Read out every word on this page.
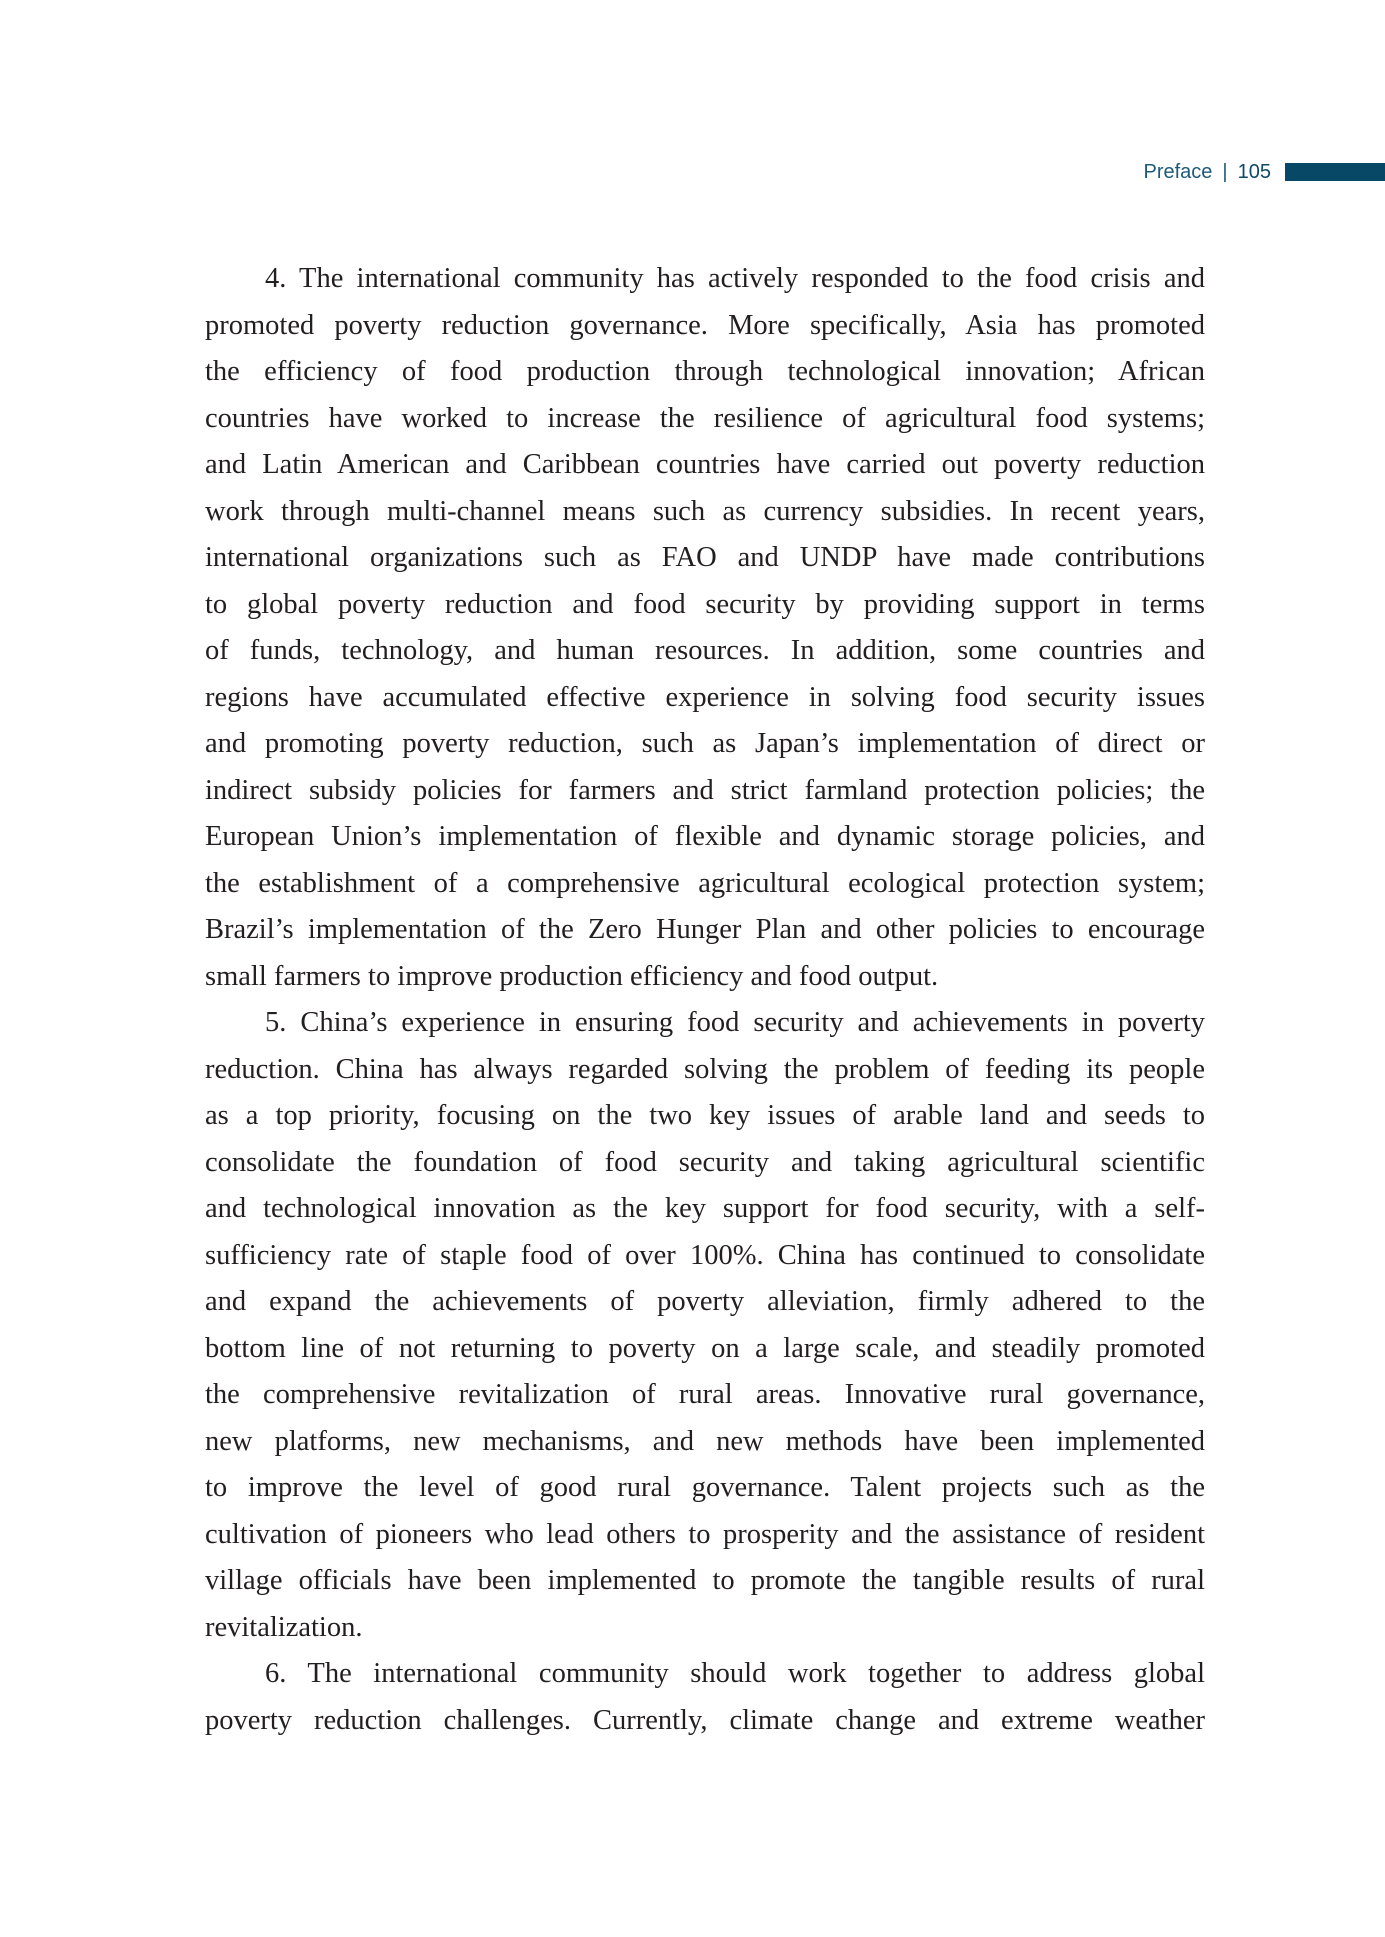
Preface | 105
4. The international community has actively responded to the food crisis and
promoted poverty reduction governance. More specifically, Asia has promoted
the efficiency of food production through technological innovation; African
countries have worked to increase the resilience of agricultural food systems;
and Latin American and Caribbean countries have carried out poverty reduction
work through multi-channel means such as currency subsidies. In recent years,
international organizations such as FAO and UNDP have made contributions
to global poverty reduction and food security by providing support in terms
of funds, technology, and human resources. In addition, some countries and
regions have accumulated effective experience in solving food security issues
and promoting poverty reduction, such as Japan’s implementation of direct or
indirect subsidy policies for farmers and strict farmland protection policies; the
European Union’s implementation of flexible and dynamic storage policies, and
the establishment of a comprehensive agricultural ecological protection system;
Brazil’s implementation of the Zero Hunger Plan and other policies to encourage
small farmers to improve production efficiency and food output.
5. China’s experience in ensuring food security and achievements in poverty
reduction. China has always regarded solving the problem of feeding its people
as a top priority, focusing on the two key issues of arable land and seeds to
consolidate the foundation of food security and taking agricultural scientific
and technological innovation as the key support for food security, with a self-
sufficiency rate of staple food of over 100%. China has continued to consolidate
and expand the achievements of poverty alleviation, firmly adhered to the
bottom line of not returning to poverty on a large scale, and steadily promoted
the comprehensive revitalization of rural areas. Innovative rural governance,
new platforms, new mechanisms, and new methods have been implemented
to improve the level of good rural governance. Talent projects such as the
cultivation of pioneers who lead others to prosperity and the assistance of resident
village officials have been implemented to promote the tangible results of rural
revitalization.
6. The international community should work together to address global
poverty reduction challenges. Currently, climate change and extreme weather
